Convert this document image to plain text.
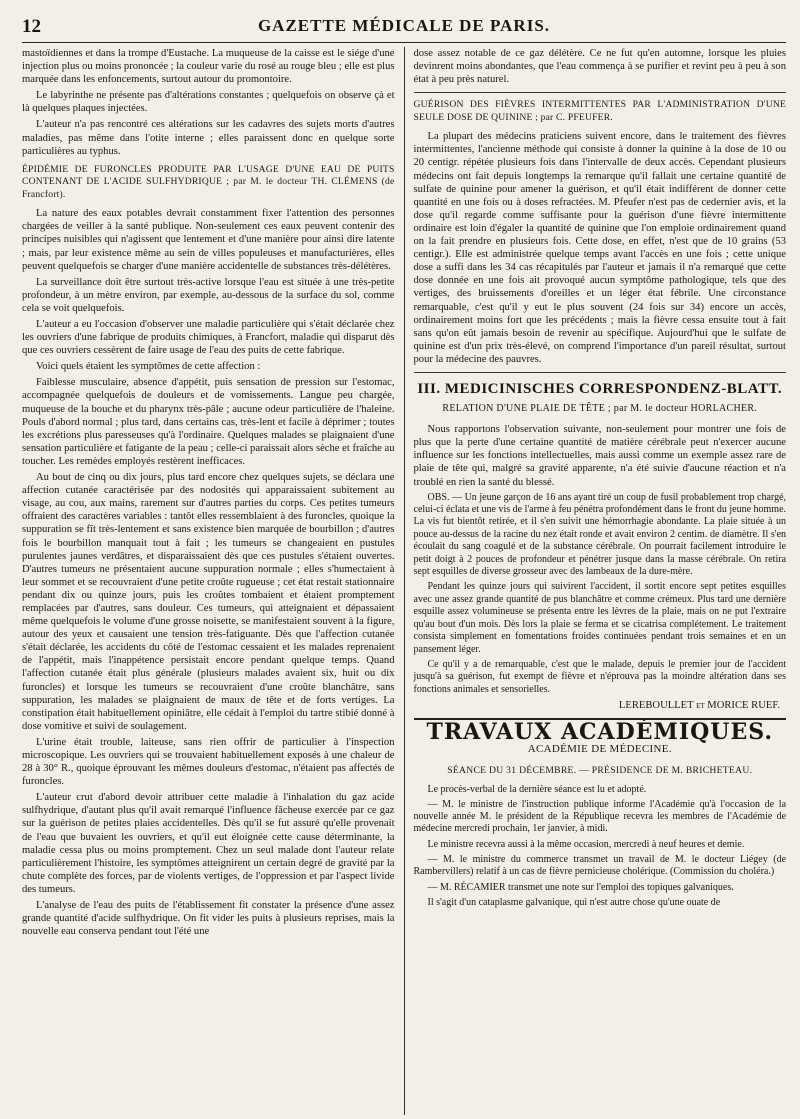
12	GAZETTE MÉDICALE DE PARIS.

mastoïdiennes et dans la trompe d'Eustache. La muqueuse de la caisse est le siége d'une injection plus ou moins prononcée ; la couleur varie du rosé au rouge bleu ; elle est plus marquée dans les enfoncements, surtout autour du promontoire.

Le labyrinthe ne présente pas d'altérations constantes ; quelquefois on observe çà et là quelques plaques injectées.

L'auteur n'a pas rencontré ces altérations sur les cadavres des sujets morts d'autres maladies, pas même dans l'otite interne ; elles paraissent donc en quelque sorte particulières au typhus.

ÉPIDÉMIE DE FURONCLES PRODUITE PAR L'USAGE D'UNE EAU DE PUITS CONTENANT DE L'ACIDE SULFHYDRIQUE ; par M. le docteur TH. CLÉMENS (de Francfort).

La nature des eaux potables devrait constamment fixer l'attention des personnes chargées de veiller à la santé publique. Non-seulement ces eaux peuvent contenir des principes nuisibles qui n'agissent que lentement et d'une manière pour ainsi dire latente ; mais, par leur existence même au sein de villes populeuses et manufacturières, elles peuvent quelquefois se charger d'une manière accidentelle de substances très-délétères.

La surveillance doit être surtout très-active lorsque l'eau est située à une très-petite profondeur, à un mètre environ, par exemple, au-dessous de la surface du sol, comme cela se voit quelquefois.

L'auteur a eu l'occasion d'observer une maladie particulière qui s'était déclarée chez les ouvriers d'une fabrique de produits chimiques, à Francfort, maladie qui disparut dès que ces ouvriers cessèrent de faire usage de l'eau des puits de cette fabrique.

Voici quels étaient les symptômes de cette affection :

Faiblesse musculaire, absence d'appétit, puis sensation de pression sur l'estomac, accompagnée quelquefois de douleurs et de vomissements. Langue peu chargée, muqueuse de la bouche et du pharynx très-pâle ; aucune odeur particulière de l'haleine. Pouls d'abord normal ; plus tard, dans certains cas, très-lent et facile à déprimer ; toutes les excrétions plus paresseuses qu'à l'ordinaire. Quelques malades se plaignaient d'une sensation particulière et fatigante de la peau ; celle-ci paraissait alors sèche et fraîche au toucher. Les remèdes employés restèrent inefficaces.

Au bout de cinq ou dix jours, plus tard encore chez quelques sujets, se déclara une affection cutanée caractérisée par des nodosités qui apparaissaient subitement au visage, au cou, aux mains, rarement sur d'autres parties du corps. Ces petites tumeurs offraient des caractères variables : tantôt elles ressemblaient à des furoncles, quoique la suppuration se fît très-lentement et sans existence bien marquée de bourbillon ; d'autres fois le bourbillon manquait tout à fait ; les tumeurs se changeaient en pustules purulentes jaunes verdâtres, et disparaissaient dès que ces pustules s'étaient ouvertes. D'autres tumeurs ne présentaient aucune suppuration normale ; elles s'humectaient à leur sommet et se recouvraient d'une petite croûte rugueuse ; cet état restait stationnaire pendant dix ou quinze jours, puis les croûtes tombaient et étaient promptement remplacées par d'autres, sans douleur. Ces tumeurs, qui atteignaient et dépassaient même quelquefois le volume d'une grosse noisette, se manifestaient souvent à la figure, autour des yeux et causaient une tension très-fatiguante. Dès que l'affection cutanée s'était déclarée, les accidents du côté de l'estomac cessaient et les malades reprenaient de l'appétit, mais l'inappétence persistait encore pendant quelque temps. Quand l'affection cutanée était plus générale (plusieurs malades avaient six, huit ou dix furoncles) et lorsque les tumeurs se recouvraient d'une croûte blanchâtre, sans suppuration, les malades se plaignaient de maux de tête et de forts vertiges. La constipation était habituellement opiniâtre, elle cédait à l'emploi du tartre stibié donné à dose vomitive et suivi de soulagement.

L'urine était trouble, laiteuse, sans rien offrir de particulier à l'inspection microscopique. Les ouvriers qui se trouvaient habituellement exposés à une chaleur de 28 à 30° R., quoique éprouvant les mêmes douleurs d'estomac, n'étaient pas affectés de furoncles.

L'auteur crut d'abord devoir attribuer cette maladie à l'inhalation du gaz acide sulfhydrique, d'autant plus qu'il avait remarqué l'influence fâcheuse exercée par ce gaz sur la guérison de petites plaies accidentelles. Dès qu'il se fut assuré qu'elle provenait de l'eau que buvaient les ouvriers, et qu'il eut éloignée cette cause déterminante, la maladie cessa plus ou moins promptement. Chez un seul malade dont l'auteur relate particulièrement l'histoire, les symptômes atteignirent un certain degré de gravité par la chute complète des forces, par de violents vertiges, de l'oppression et par l'aspect livide des tumeurs.

L'analyse de l'eau des puits de l'établissement fit constater la présence d'une assez grande quantité d'acide sulfhydrique. On fit vider les puits à plusieurs reprises, mais la nouvelle eau conserva pendant tout l'été une

dose assez notable de ce gaz délétère. Ce ne fut qu'en automne, lorsque les pluies devinrent moins abondantes, que l'eau commença à se purifier et revint peu à peu à son état à peu près naturel.

GUÉRISON DES FIÈVRES INTERMITTENTES PAR L'ADMINISTRATION D'UNE SEULE DOSE DE QUININE ; par C. PFEUFER.

La plupart des médecins praticiens suivent encore, dans le traitement des fièvres intermittentes, l'ancienne méthode qui consiste à donner la quinine à la dose de 10 ou 20 centigr. répétée plusieurs fois dans l'intervalle de deux accès. Cependant plusieurs médecins ont fait depuis longtemps la remarque qu'il fallait une certaine quantité de sulfate de quinine pour amener la guérison, et qu'il était indifférent de donner cette quantité en une fois ou à doses refractées. M. Pfeufer n'est pas de cedernier avis, et la dose qu'il regarde comme suffisante pour la guérison d'une fièvre intermittente ordinaire est loin d'égaler la quantité de quinine que l'on emploie ordinairement quand on la fait prendre en plusieurs fois. Cette dose, en effet, n'est que de 10 grains (53 centigr.). Elle est administrée quelque temps avant l'accès en une fois ; cette unique dose a suffi dans les 34 cas récapitulés par l'auteur et jamais il n'a remarqué que cette dose donnée en une fois ait provoqué aucun symptôme pathologique, tels que des vertiges, des bruissements d'oreilles et un léger état fébrile. Une circonstance remarquable, c'est qu'il y eut le plus souvent (24 fois sur 34) encore un accès, ordinairement moins fort que les précédents ; mais la fièvre cessa ensuite tout à fait sans qu'on eût jamais besoin de revenir au spécifique. Aujourd'hui que le sulfate de quinine est d'un prix très-élevé, on comprend l'importance d'un pareil résultat, surtout pour la médecine des pauvres.

III. MEDICINISCHES CORRESPONDENZ-BLATT.
RELATION D'UNE PLAIE DE TÊTE ; par M. le docteur HORLACHER.

Nous rapportons l'observation suivante, non-seulement pour montrer une fois de plus que la perte d'une certaine quantité de matière cérébrale peut n'exercer aucune influence sur les fonctions intellectuelles, mais aussi comme un exemple assez rare de plaie de tête qui, malgré sa gravité apparente, n'a été suivie d'aucune réaction et n'a troublé en rien la santé du blessé.

OBS. — Un jeune garçon de 16 ans ayant tiré un coup de fusil probablement trop chargé, celui-ci éclata et une vis de l'arme à feu pénétra profondément dans le front du jeune homme. La vis fut bientôt retirée, et il s'en suivit une hémorrhagie abondante. La plaie située à un pouce au-dessus de la racine du nez était ronde et avait environ 2 centim. de diamètre. Il s'en écoulait du sang coagulé et de la substance cérébrale. On pourrait facilement introduire le petit doigt à 2 pouces de profondeur et pénétrer jusque dans la masse cérébrale. On retira sept esquilles de diverse grosseur avec des lambeaux de la dure-mère.

Pendant les quinze jours qui suivirent l'accident, il sortit encore sept petites esquilles avec une assez grande quantité de pus blanchâtre et comme crémeux. Plus tard une dernière esquille assez volumineuse se présenta entre les lèvres de la plaie, mais on ne put l'extraire qu'au bout d'un mois. Dès lors la plaie se ferma et se cicatrisa complétement. Le traitement consista simplement en fomentations froides continuées pendant trois semaines et en un pansement léger.

Ce qu'il y a de remarquable, c'est que le malade, depuis le premier jour de l'accident jusqu'à sa guérison, fut exempt de fièvre et n'éprouva pas la moindre altération dans ses fonctions animales et sensorielles.

LEREBOULLET et MORICE RUEF.
TRAVAUX ACADÉMIQUES.
ACADÉMIE DE MÉDECINE.
SÉANCE DU 31 DÉCEMBRE. — PRÉSIDENCE DE M. BRICHETEAU.

Le procès-verbal de la dernière séance est lu et adopté.

— M. le ministre de l'instruction publique informe l'Académie qu'à l'occasion de la nouvelle année M. le président de la République recevra les membres de l'Académie de médecine mercredi prochain, 1er janvier, à midi.

Le ministre recevra aussi à la même occasion, mercredi à neuf heures et demie.

— M. le ministre du commerce transmet un travail de M. le docteur Liégey (de Rambervillers) relatif à un cas de fièvre pernicieuse cholérique. (Commission du choléra.)

— M. RÉCAMIER transmet une note sur l'emploi des topiques galvaniques.

Il s'agit d'un cataplasme galvanique, qui n'est autre chose qu'une ouate de
